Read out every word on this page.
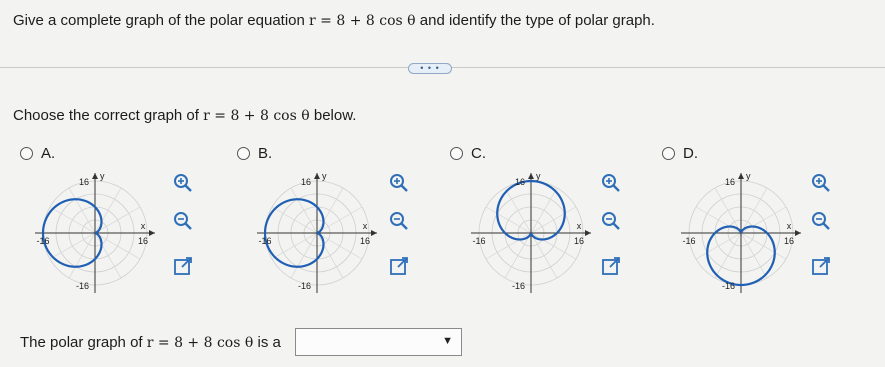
Give a complete graph of the polar equation r = 8 + 8 cos θ and identify the type of polar graph.
• • •
Choose the correct graph of r = 8 + 8 cos θ below.
A.
y
x
16
-16	16
-16
B.
y
x
16
-16	16
-16
C.
y
x
16
-16	16
-16
D.
y
x
16
-16	16
-16
The polar graph of r = 8 + 8 cos θ is a	▼
